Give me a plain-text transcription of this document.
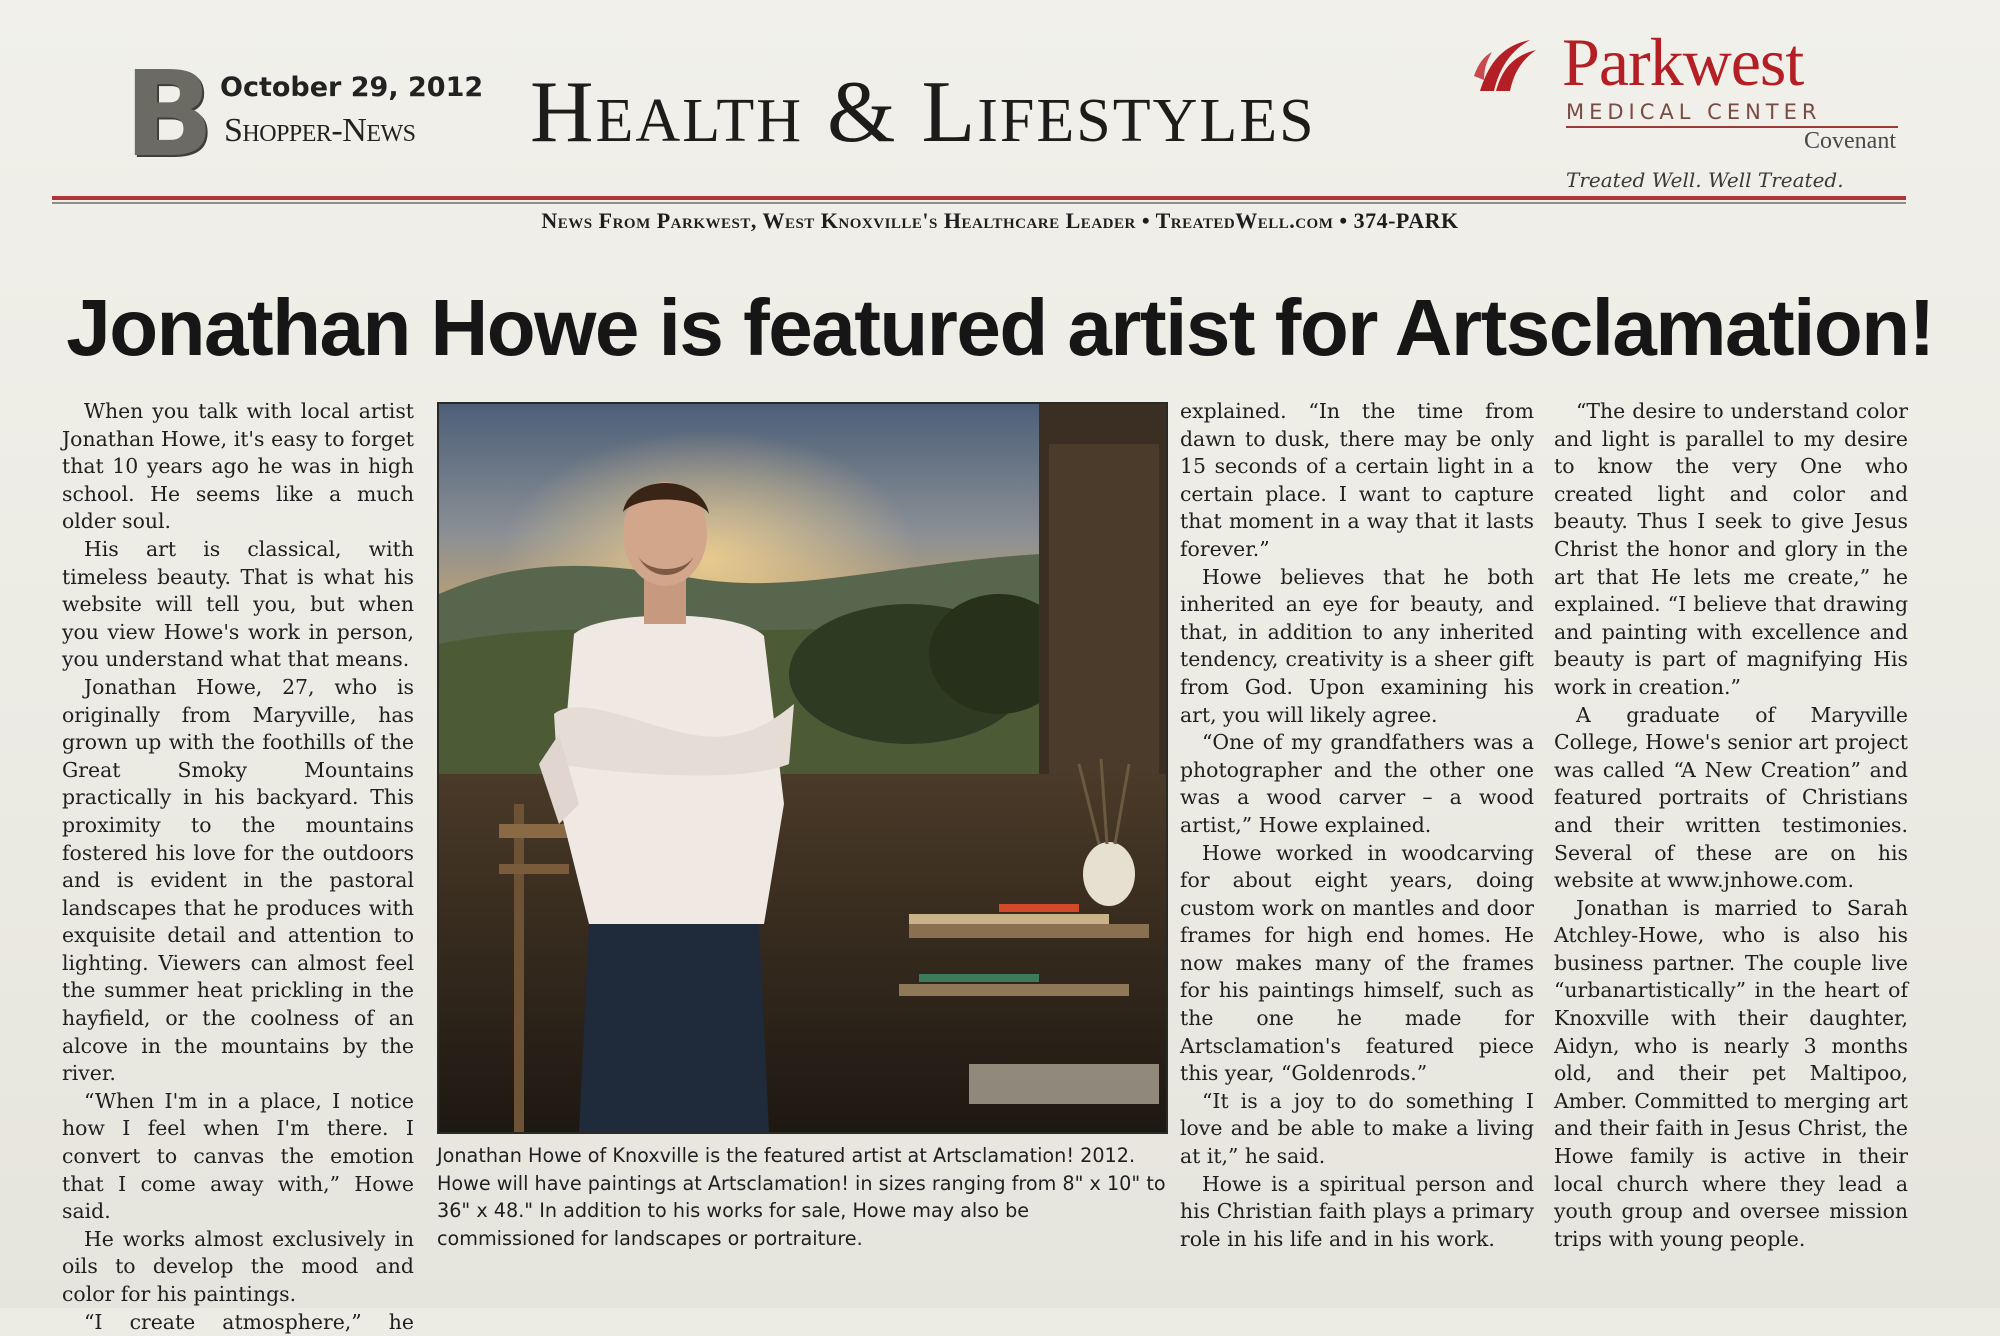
B October 29, 2012
Shopper-News Health & Lifestyles
Parkwest
MEDICAL CENTER
Covenant
Treated Well. Well Treated.
News From Parkwest, West Knoxville's Healthcare Leader • TreatedWell.com • 374-PARK
Jonathan Howe is featured artist for Artsclamation!

When you talk with local artist Jonathan Howe, it's easy to forget that 10 years ago he was in high school. He seems like a much older soul.

His art is classical, with timeless beauty. That is what his website will tell you, but when you view Howe's work in person, you understand what that means.

Jonathan Howe, 27, who is originally from Maryville, has grown up with the foothills of the Great Smoky Mountains practically in his backyard. This proximity to the mountains fostered his love for the outdoors and is evident in the pastoral landscapes that he produces with exquisite detail and attention to lighting. Viewers can almost feel the summer heat prickling in the hayfield, or the coolness of an alcove in the mountains by the river.

“When I'm in a place, I notice how I feel when I'm there. I convert to canvas the emotion that I come away with,” Howe said.

He works almost exclusively in oils to develop the mood and color for his paintings.

“I create atmosphere,” he

Jonathan Howe of Knoxville is the featured artist at Artsclamation! 2012. Howe will have paintings at Artsclamation! in sizes ranging from 8" x 10" to 36" x 48." In addition to his works for sale, Howe may also be commissioned for landscapes or portraiture.

explained. “In the time from dawn to dusk, there may be only 15 seconds of a certain light in a certain place. I want to capture that moment in a way that it lasts forever.”

Howe believes that he both inherited an eye for beauty, and that, in addition to any inherited tendency, creativity is a sheer gift from God. Upon examining his art, you will likely agree.

“One of my grandfathers was a photographer and the other one was a wood carver – a wood artist,” Howe explained.

Howe worked in woodcarving for about eight years, doing custom work on mantles and door frames for high end homes. He now makes many of the frames for his paintings himself, such as the one he made for Artsclamation's featured piece this year, “Goldenrods.”

“It is a joy to do something I love and be able to make a living at it,” he said.

Howe is a spiritual person and his Christian faith plays a primary role in his life and in his work.

“The desire to understand color and light is parallel to my desire to know the very One who created light and color and beauty. Thus I seek to give Jesus Christ the honor and glory in the art that He lets me create,” he explained. “I believe that drawing and painting with excellence and beauty is part of magnifying His work in creation.”

A graduate of Maryville College, Howe's senior art project was called “A New Creation” and featured portraits of Christians and their written testimonies. Several of these are on his website at www.jnhowe.com.

Jonathan is married to Sarah Atchley-Howe, who is also his business partner. The couple live “urbanartistically” in the heart of Knoxville with their daughter, Aidyn, who is nearly 3 months old, and their pet Maltipoo, Amber. Committed to merging art and their faith in Jesus Christ, the Howe family is active in their local church where they lead a youth group and oversee mission trips with young people.
